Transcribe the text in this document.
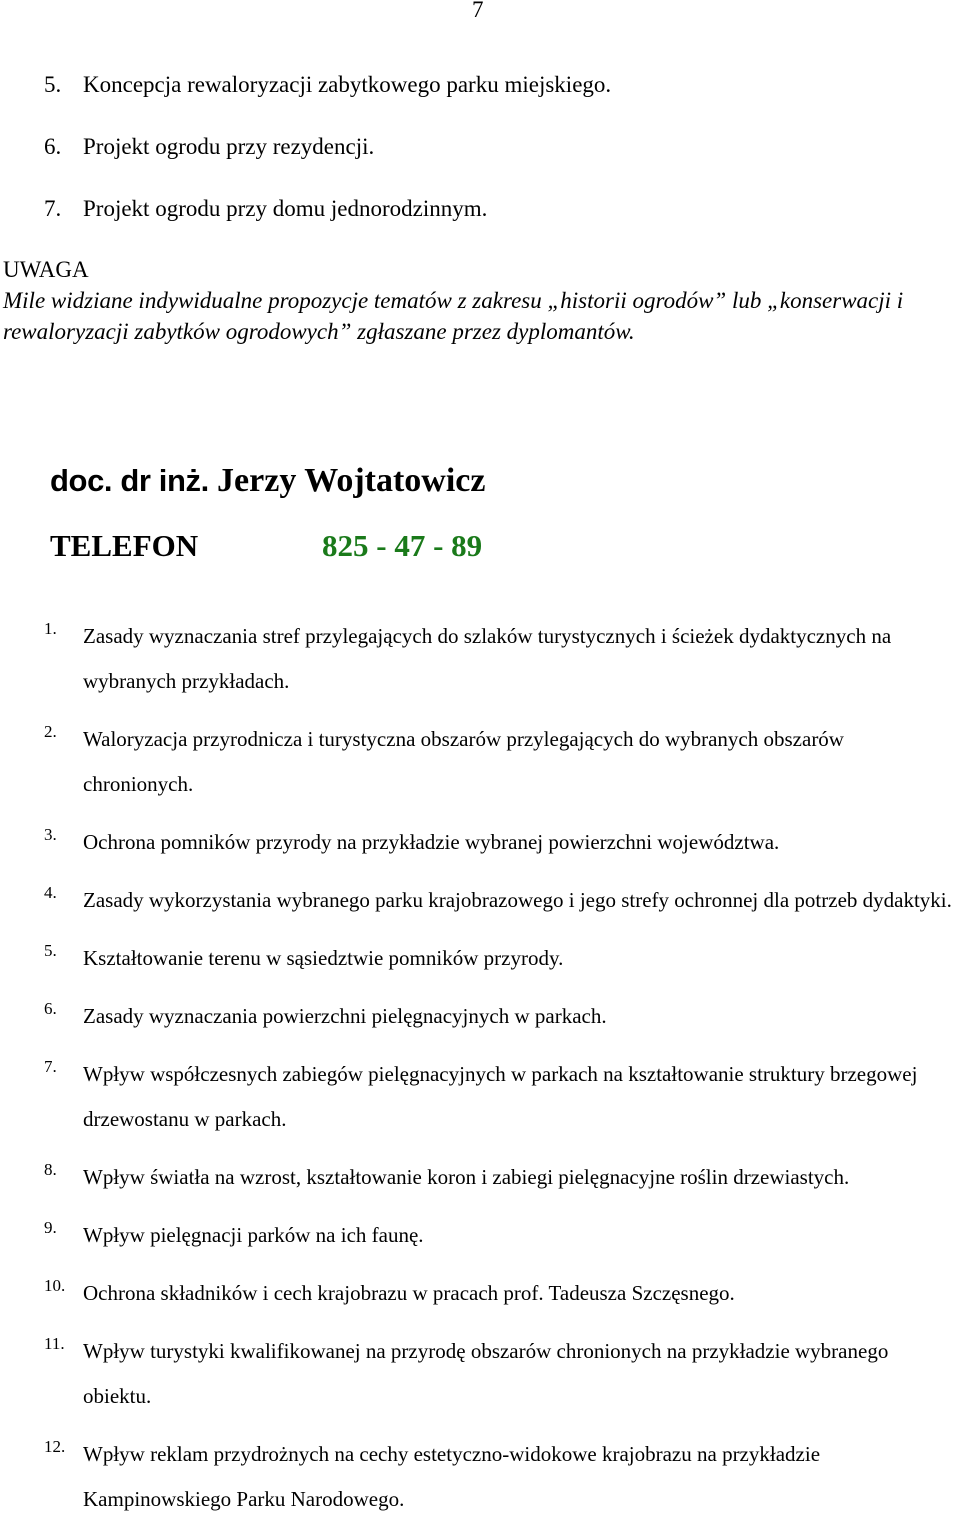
7
5. Koncepcja rewaloryzacji zabytkowego parku miejskiego.
6. Projekt ogrodu przy rezydencji.
7. Projekt ogrodu przy domu jednorodzinnym.
UWAGA
Mile widziane indywidualne propozycje tematów z zakresu „historii ogrodów” lub „konserwacji i rewaloryzacji zabytków ogrodowych” zgłaszane przez dyplomantów.
doc. dr inż. Jerzy Wojtatowicz
TELEFON	825 - 47 - 89
1. Zasady wyznaczania stref przylegających do szlaków turystycznych i ścieżek dydaktycznych na wybranych przykładach.
2. Waloryzacja przyrodnicza i turystyczna obszarów przylegających do wybranych obszarów chronionych.
3. Ochrona pomników przyrody na przykładzie wybranej powierzchni województwa.
4. Zasady wykorzystania wybranego parku krajobrazowego i jego strefy ochronnej dla potrzeb dydaktyki.
5. Kształtowanie terenu w sąsiedztwie pomników przyrody.
6. Zasady wyznaczania powierzchni pielęgnacyjnych w parkach.
7. Wpływ współczesnych zabiegów pielęgnacyjnych w parkach na kształtowanie struktury brzegowej drzewostanu w parkach.
8. Wpływ światła na wzrost, kształtowanie koron i zabiegi pielęgnacyjne roślin drzewiastych.
9. Wpływ pielęgnacji parków na ich faunę.
10. Ochrona składników i cech krajobrazu w pracach prof. Tadeusza Szczęsnego.
11. Wpływ turystyki kwalifikowanej na przyrodę obszarów chronionych na przykładzie wybranego obiektu.
12. Wpływ reklam przydrożnych na cechy estetyczno-widokowe krajobrazu na przykładzie Kampinowskiego Parku Narodowego.
